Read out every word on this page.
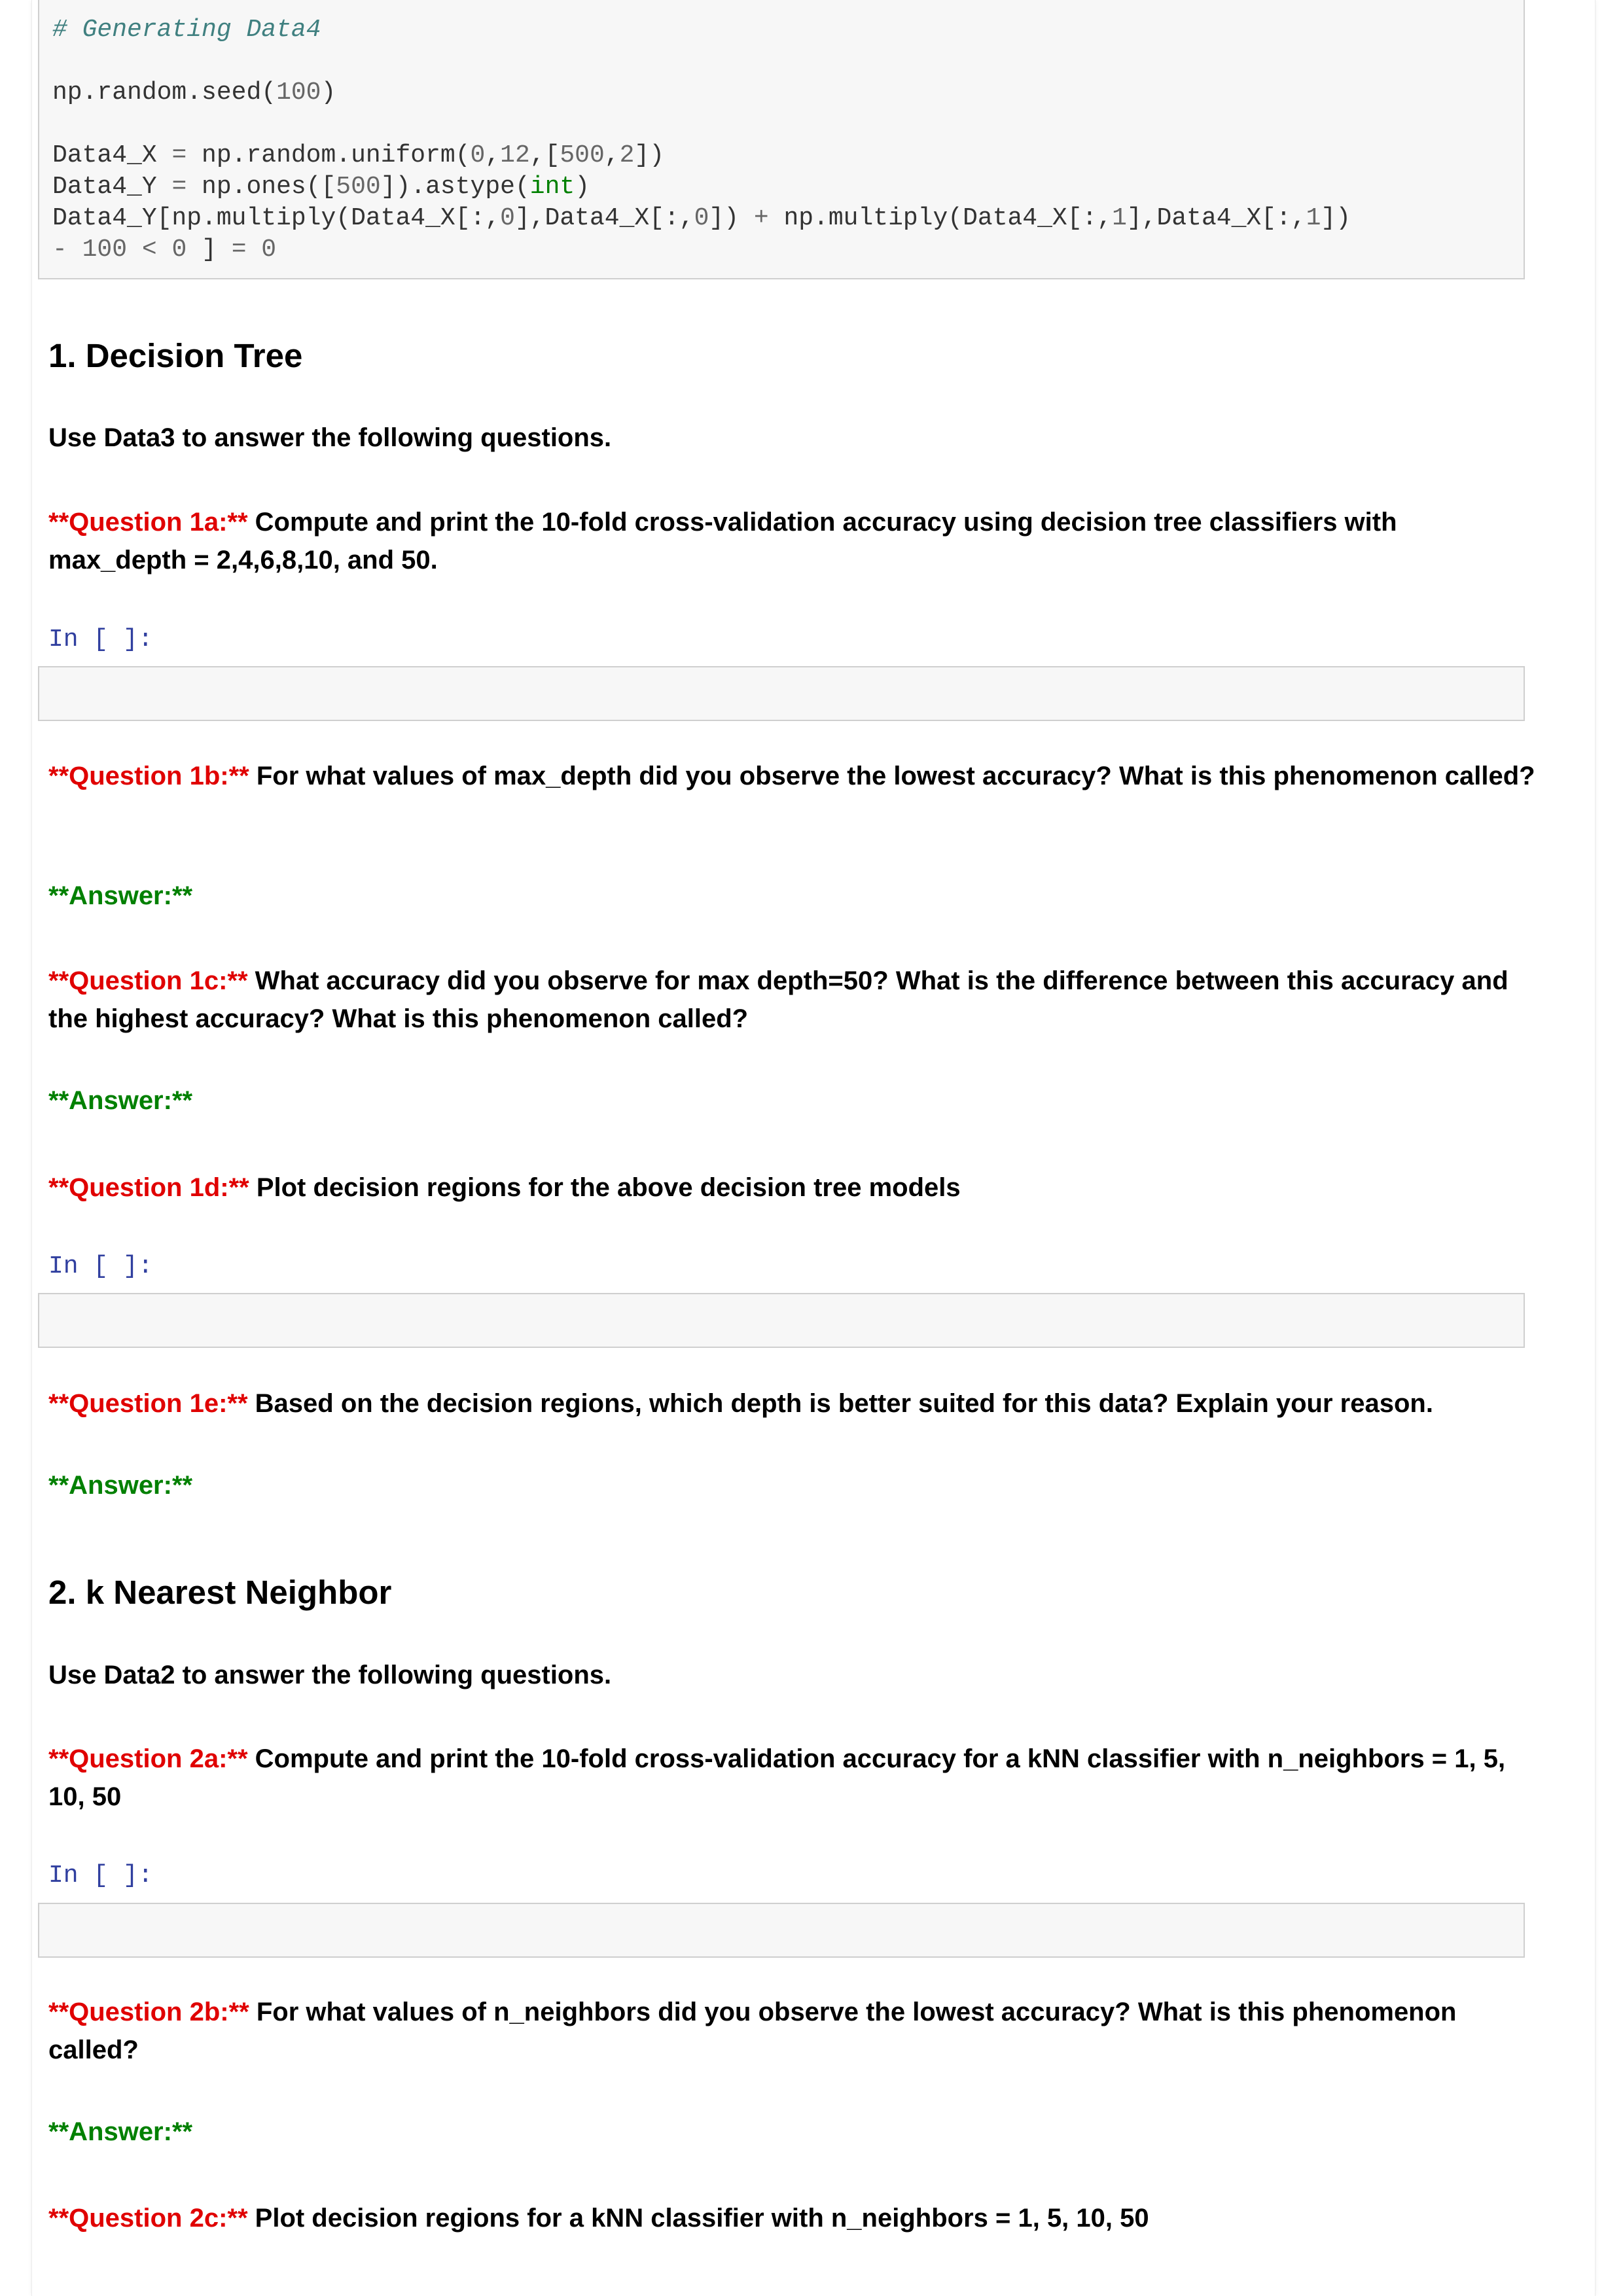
# Generating Data4
np.random.seed(100)
Data4_X = np.random.uniform(0,12,[500,2])
Data4_Y = np.ones([500]).astype(int)
Data4_Y[np.multiply(Data4_X[:,0],Data4_X[:,0]) + np.multiply(Data4_X[:,1],Data4_X[:,1])
- 100 < 0 ] = 0
1. Decision Tree
Use Data3 to answer the following questions.
**Question 1a:** Compute and print the 10-fold cross-validation accuracy using decision tree classifiers with max_depth = 2,4,6,8,10, and 50.
In [ ]:
**Question 1b:** For what values of max_depth did you observe the lowest accuracy? What is this phenomenon called?
**Answer:**
**Question 1c:** What accuracy did you observe for max depth=50? What is the difference between this accuracy and the highest accuracy? What is this phenomenon called?
**Answer:**
**Question 1d:** Plot decision regions for the above decision tree models
In [ ]:
**Question 1e:** Based on the decision regions, which depth is better suited for this data? Explain your reason.
**Answer:**
2. k Nearest Neighbor
Use Data2 to answer the following questions.
**Question 2a:** Compute and print the 10-fold cross-validation accuracy for a kNN classifier with n_neighbors = 1, 5, 10, 50
In [ ]:
**Question 2b:** For what values of n_neighbors did you observe the lowest accuracy? What is this phenomenon called?
**Answer:**
**Question 2c:** Plot decision regions for a kNN classifier with n_neighbors = 1, 5, 10, 50
